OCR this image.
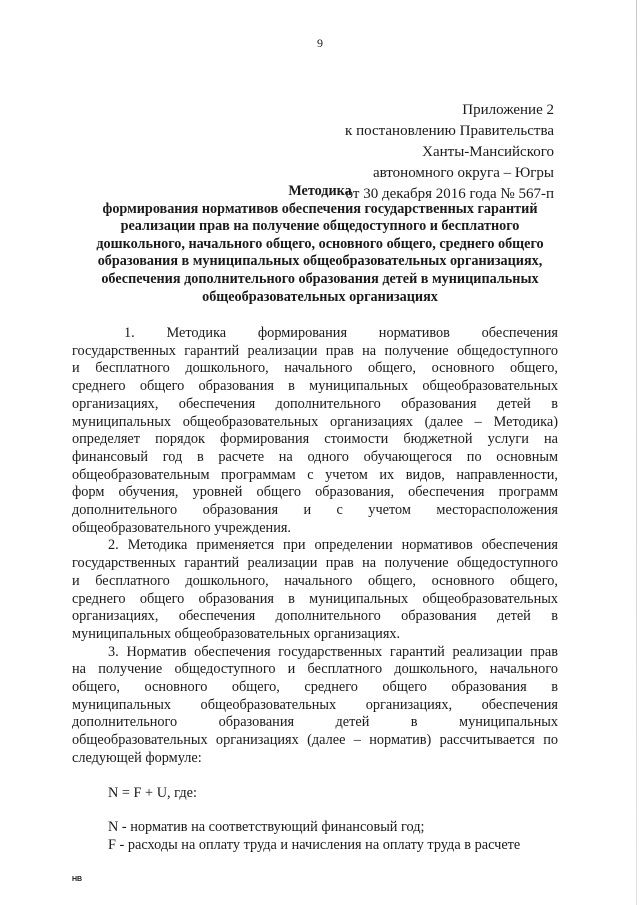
9
Приложение 2
к постановлению Правительства
Ханты-Мансийского
автономного округа – Югры
от 30 декабря 2016 года № 567-п
Методика
формирования нормативов обеспечения государственных гарантий
реализации прав на получение общедоступного и бесплатного
дошкольного, начального общего, основного общего, среднего общего
образования в муниципальных общеобразовательных организациях,
обеспечения дополнительного образования детей в муниципальных
общеобразовательных организациях
1. Методика формирования нормативов обеспечения
государственных гарантий реализации прав на получение общедоступного
и бесплатного дошкольного, начального общего, основного общего,
среднего общего образования в муниципальных общеобразовательных
организациях, обеспечения дополнительного образования детей в
муниципальных общеобразовательных организациях (далее – Методика)
определяет порядок формирования стоимости бюджетной услуги на
финансовый год в расчете на одного обучающегося по основным
общеобразовательным программам с учетом их видов, направленности,
форм обучения, уровней общего образования, обеспечения программ
дополнительного образования и с учетом месторасположения
общеобразовательного учреждения.
2. Методика применяется при определении нормативов обеспечения
государственных гарантий реализации прав на получение общедоступного
и бесплатного дошкольного, начального общего, основного общего,
среднего общего образования в муниципальных общеобразовательных
организациях, обеспечения дополнительного образования детей в
муниципальных общеобразовательных организациях.
3. Норматив обеспечения государственных гарантий реализации прав
на получение общедоступного и бесплатного дошкольного, начального
общего, основного общего, среднего общего образования в
муниципальных общеобразовательных организациях, обеспечения
дополнительного образования детей в муниципальных
общеобразовательных организациях (далее – норматив) рассчитывается по
следующей формуле:
N = F + U, где:
N - норматив на соответствующий финансовый год;
F - расходы на оплату труда и начисления на оплату труда в расчете
HB
